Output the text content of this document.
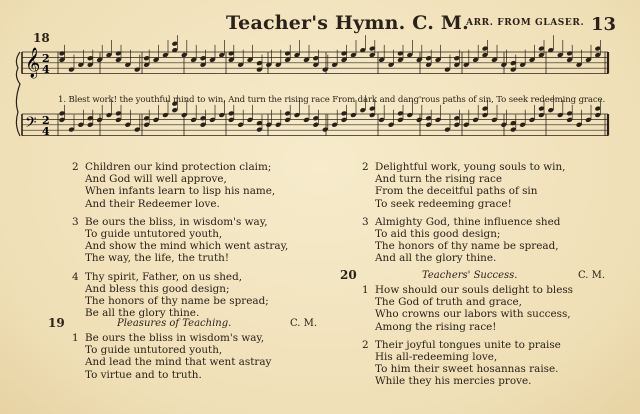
Teacher's Hymn. C. M.
ARR. FROM GLASER. 13
18
𝄞 2
4
𝄢 2
4
1. Blest work! the youthful mind to win, And turn the rising race From dark and dang'rous paths of sin, To seek redeeming grace.
2 Children our kind protection claim;
And God will well approve,
When infants learn to lisp his name,
And their Redeemer love.
3 Be ours the bliss, in wisdom's way,
To guide untutored youth,
And show the mind which went astray,
The way, the life, the truth!
4 Thy spirit, Father, on us shed,
And bless this good design;
The honors of thy name be spread;
Be all the glory thine.
2 Delightful work, young souls to win,
And turn the rising race
From the deceitful paths of sin
To seek redeeming grace!
3 Almighty God, thine influence shed
To aid this good design;
The honors of thy name be spread,
And all the glory thine.
19	Pleasures of Teaching.	C. M.
1 Be ours the bliss in wisdom's way,
To guide untutored youth,
And lead the mind that went astray
To virtue and to truth.
20	Teachers' Success.	C. M.
1 How should our souls delight to bless
The God of truth and grace,
Who crowns our labors with success,
Among the rising race!
2 Their joyful tongues unite to praise
His all-redeeming love,
To him their sweet hosannas raise.
While they his mercies prove.
